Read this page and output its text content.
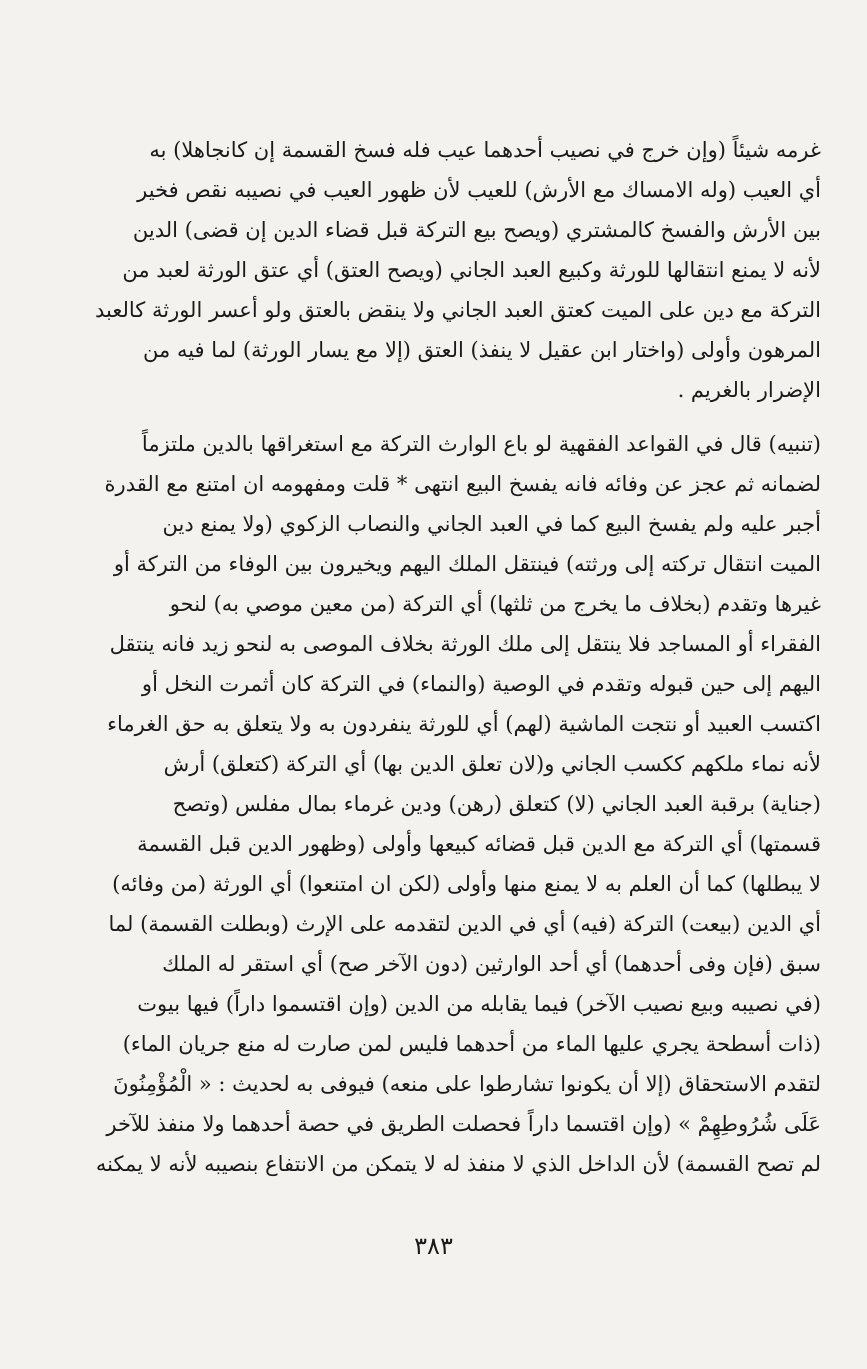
غرمه شيئاً (وإن خرج في نصيب أحدهما عيب فله فسخ القسمة إن كانجاهلا) به
أي العيب (وله الامساك مع الأرش) للعيب لأن ظهور العيب في نصيبه نقص فخير
بين الأرش والفسخ كالمشتري (ويصح بيع التركة قبل قضاء الدين إن قضى) الدين
لأنه لا يمنع انتقالها للورثة وكبيع العبد الجاني (ويصح العتق) أي عتق الورثة لعبد من
التركة مع دين على الميت كعتق العبد الجاني ولا ينقض بالعتق ولو أعسر الورثة كالعبد
المرهون وأولى (واختار ابن عقيل لا ينفذ) العتق (إلا مع يسار الورثة) لما فيه من
الإضرار بالغريم .
(تنبيه) قال في القواعد الفقهية لو باع الوارث التركة مع استغراقها بالدين ملتزماً
لضمانه ثم عجز عن وفائه فانه يفسخ البيع انتهى * قلت ومفهومه ان امتنع مع القدرة
أجبر عليه ولم يفسخ البيع كما في العبد الجاني والنصاب الزكوي (ولا يمنع دين
الميت انتقال تركته إلى ورثته) فينتقل الملك اليهم ويخيرون بين الوفاء من التركة أو
غيرها وتقدم (بخلاف ما يخرج من ثلثها) أي التركة (من معين موصي به) لنحو
الفقراء أو المساجد فلا ينتقل إلى ملك الورثة بخلاف الموصى به لنحو زيد فانه ينتقل
اليهم إلى حين قبوله وتقدم في الوصية (والنماء) في التركة كان أثمرت النخل أو
اكتسب العبيد أو نتجت الماشية (لهم) أي للورثة ينفردون به ولا يتعلق به حق الغرماء
لأنه نماء ملكهم ككسب الجاني و(لان تعلق الدين بها) أي التركة (كتعلق) أرش
(جناية) برقبة العبد الجاني (لا) كتعلق (رهن) ودين غرماء بمال مفلس (وتصح
قسمتها) أي التركة مع الدين قبل قضائه كبيعها وأولى (وظهور الدين قبل القسمة
لا يبطلها) كما أن العلم به لا يمنع منها وأولى (لكن ان امتنعوا) أي الورثة (من وفائه)
أي الدين (بيعت) التركة (فيه) أي في الدين لتقدمه على الإرث (وبطلت القسمة) لما
سبق (فإن وفى أحدهما) أي أحد الوارثين (دون الآخر صح) أي استقر له الملك
(في نصيبه وبيع نصيب الآخر) فيما يقابله من الدين (وإن اقتسموا داراً) فيها بيوت
(ذات أسطحة يجري عليها الماء من أحدهما فليس لمن صارت له منع جريان الماء)
لتقدم الاستحقاق (إلا أن يكونوا تشارطوا على منعه) فيوفى به لحديث : « الْمُؤْمِنُونَ
عَلَى شُرُوطِهِمْ » (وإن اقتسما داراً فحصلت الطريق في حصة أحدهما ولا منفذ للآخر
لم تصح القسمة) لأن الداخل الذي لا منفذ له لا يتمكن من الانتفاع بنصيبه لأنه لا يمكنه
٣٨٣
